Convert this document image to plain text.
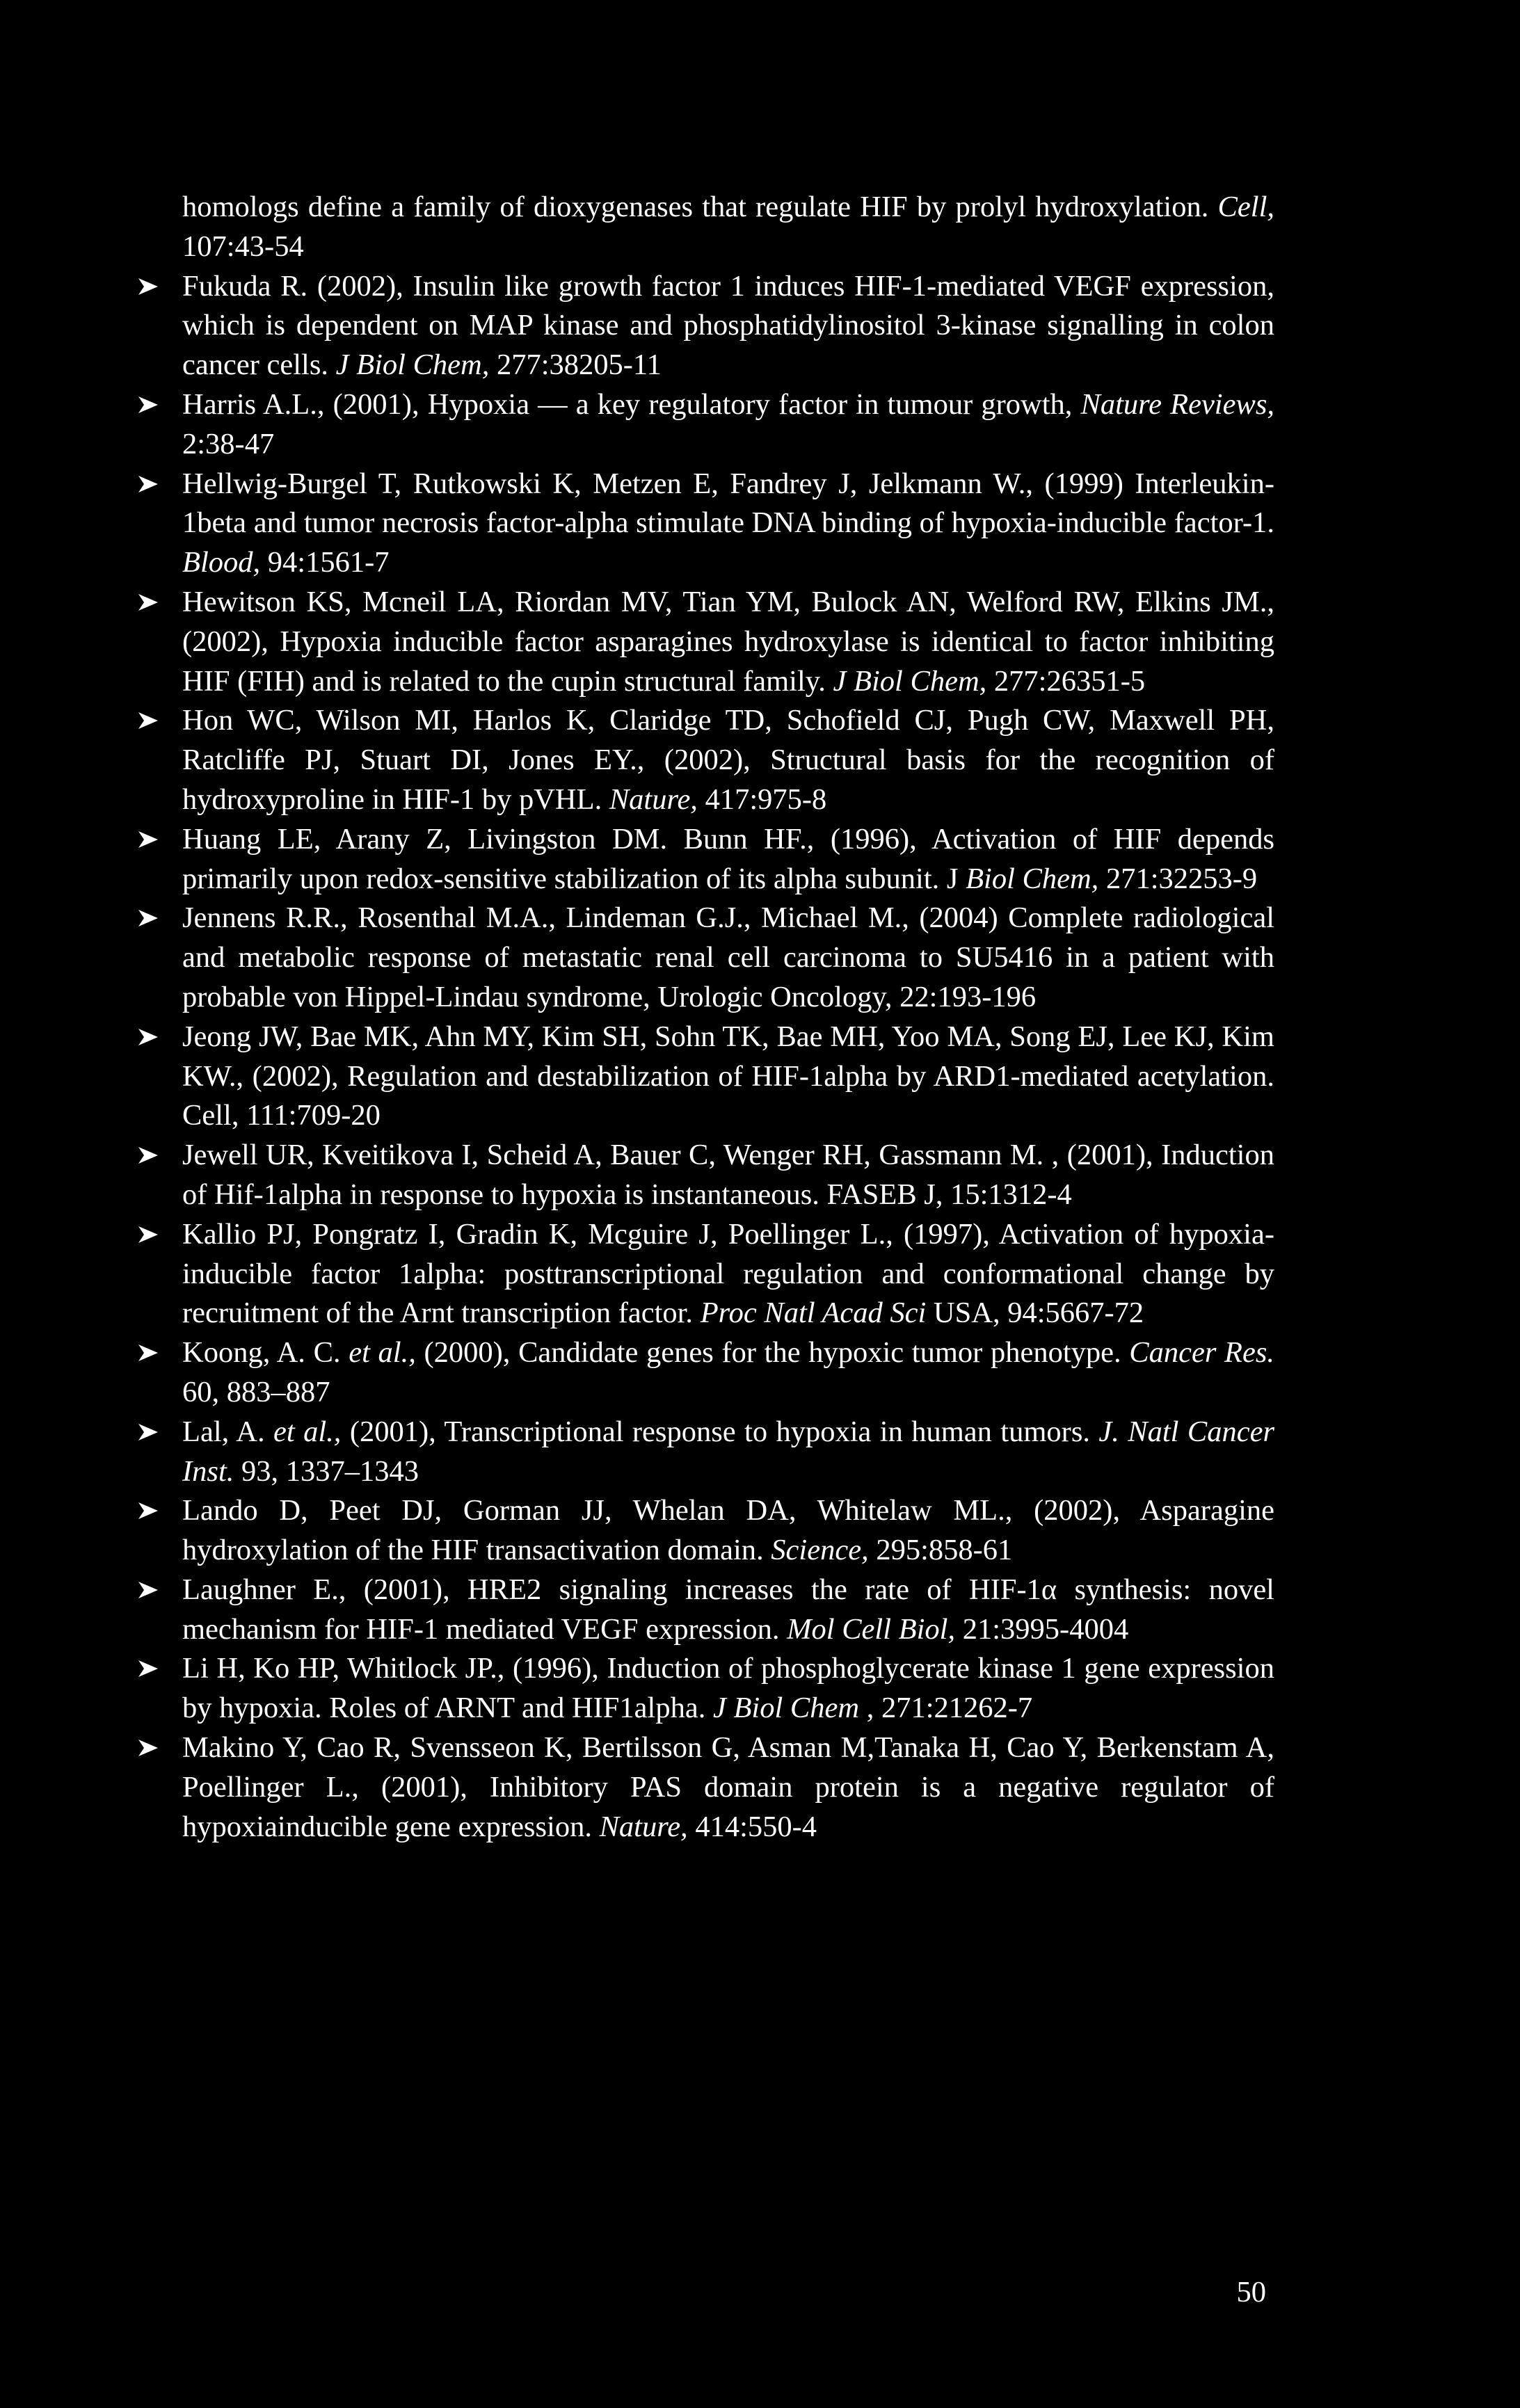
homologs define a family of dioxygenases that regulate HIF by prolyl hydroxylation. Cell, 107:43-54
Fukuda R. (2002), Insulin like growth factor 1 induces HIF-1-mediated VEGF expression, which is dependent on MAP kinase and phosphatidylinositol 3-kinase signalling in colon cancer cells. J Biol Chem, 277:38205-11
Harris A.L., (2001), Hypoxia — a key regulatory factor in tumour growth, Nature Reviews, 2:38-47
Hellwig-Burgel T, Rutkowski K, Metzen E, Fandrey J, Jelkmann W., (1999) Interleukin-1beta and tumor necrosis factor-alpha stimulate DNA binding of hypoxia-inducible factor-1. Blood, 94:1561-7
Hewitson KS, Mcneil LA, Riordan MV, Tian YM, Bulock AN, Welford RW, Elkins JM., (2002), Hypoxia inducible factor asparagines hydroxylase is identical to factor inhibiting HIF (FIH) and is related to the cupin structural family. J Biol Chem, 277:26351-5
Hon WC, Wilson MI, Harlos K, Claridge TD, Schofield CJ, Pugh CW, Maxwell PH, Ratcliffe PJ, Stuart DI, Jones EY., (2002), Structural basis for the recognition of hydroxyproline in HIF-1 by pVHL. Nature, 417:975-8
Huang LE, Arany Z, Livingston DM. Bunn HF., (1996), Activation of HIF depends primarily upon redox-sensitive stabilization of its alpha subunit. J Biol Chem, 271:32253-9
Jennens R.R., Rosenthal M.A., Lindeman G.J., Michael M., (2004) Complete radiological and metabolic response of metastatic renal cell carcinoma to SU5416 in a patient with probable von Hippel-Lindau syndrome, Urologic Oncology, 22:193-196
Jeong JW, Bae MK, Ahn MY, Kim SH, Sohn TK, Bae MH, Yoo MA, Song EJ, Lee KJ, Kim KW., (2002), Regulation and destabilization of HIF-1alpha by ARD1-mediated acetylation. Cell, 111:709-20
Jewell UR, Kveitikova I, Scheid A, Bauer C, Wenger RH, Gassmann M. , (2001), Induction of Hif-1alpha in response to hypoxia is instantaneous. FASEB J, 15:1312-4
Kallio PJ, Pongratz I, Gradin K, Mcguire J, Poellinger L., (1997), Activation of hypoxia-inducible factor 1alpha: posttranscriptional regulation and conformational change by recruitment of the Arnt transcription factor. Proc Natl Acad Sci USA, 94:5667-72
Koong, A. C. et al., (2000), Candidate genes for the hypoxic tumor phenotype. Cancer Res. 60, 883–887
Lal, A. et al., (2001), Transcriptional response to hypoxia in human tumors. J. Natl Cancer Inst. 93, 1337–1343
Lando D, Peet DJ, Gorman JJ, Whelan DA, Whitelaw ML., (2002), Asparagine hydroxylation of the HIF transactivation domain. Science, 295:858-61
Laughner E., (2001), HRE2 signaling increases the rate of HIF-1α synthesis: novel mechanism for HIF-1 mediated VEGF expression. Mol Cell Biol, 21:3995-4004
Li H, Ko HP, Whitlock JP., (1996), Induction of phosphoglycerate kinase 1 gene expression by hypoxia. Roles of ARNT and HIF1alpha. J Biol Chem , 271:21262-7
Makino Y, Cao R, Svensseon K, Bertilsson G, Asman M,Tanaka H, Cao Y, Berkenstam A, Poellinger L., (2001), Inhibitory PAS domain protein is a negative regulator of hypoxiainducible gene expression. Nature, 414:550-4
50
